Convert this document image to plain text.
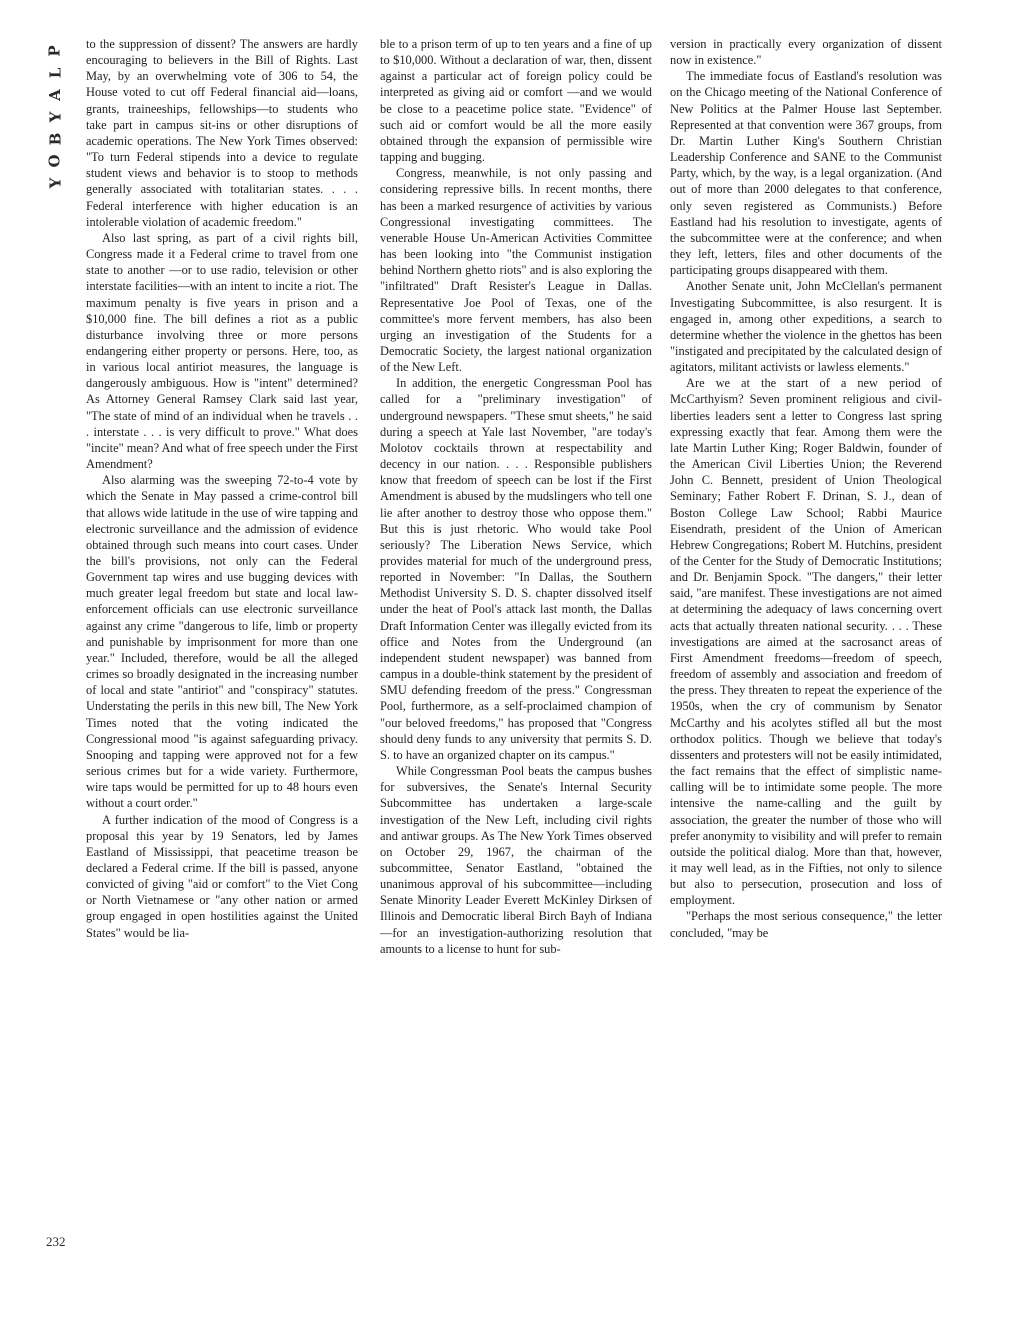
P
L
A
Y
B
O
Y

to the suppression of dissent? The answers are hardly encouraging to believers in the Bill of Rights. Last May, by an overwhelming vote of 306 to 54, the House voted to cut off Federal financial aid—loans, grants, traineeships, fellowships—to students who take part in campus sit-ins or other disruptions of academic operations. The New York Times observed: "To turn Federal stipends into a device to regulate student views and behavior is to stoop to methods generally associated with totalitarian states. . . . Federal interference with higher education is an intolerable violation of academic freedom."

Also last spring, as part of a civil rights bill, Congress made it a Federal crime to travel from one state to another —or to use radio, television or other interstate facilities—with an intent to incite a riot. The maximum penalty is five years in prison and a $10,000 fine. The bill defines a riot as a public disturbance involving three or more persons endangering either property or persons. Here, too, as in various local antiriot measures, the language is dangerously ambiguous. How is "intent" determined? As Attorney General Ramsey Clark said last year, "The state of mind of an individual when he travels . . . interstate . . . is very difficult to prove." What does "incite" mean? And what of free speech under the First Amendment?

Also alarming was the sweeping 72-to-4 vote by which the Senate in May passed a crime-control bill that allows wide latitude in the use of wire tapping and electronic surveillance and the admission of evidence obtained through such means into court cases. Under the bill's provisions, not only can the Federal Government tap wires and use bugging devices with much greater legal freedom but state and local law-enforcement officials can use electronic surveillance against any crime "dangerous to life, limb or property and punishable by imprisonment for more than one year." Included, therefore, would be all the alleged crimes so broadly designated in the increasing number of local and state "antiriot" and "conspiracy" statutes. Understating the perils in this new bill, The New York Times noted that the voting indicated the Congressional mood "is against safeguarding privacy. Snooping and tapping were approved not for a few serious crimes but for a wide variety. Furthermore, wire taps would be permitted for up to 48 hours even without a court order."

A further indication of the mood of Congress is a proposal this year by 19 Senators, led by James Eastland of Mississippi, that peacetime treason be declared a Federal crime. If the bill is passed, anyone convicted of giving "aid or comfort" to the Viet Cong or North Vietnamese or "any other nation or armed group engaged in open hostilities against the United States" would be lia-

ble to a prison term of up to ten years and a fine of up to $10,000. Without a declaration of war, then, dissent against a particular act of foreign policy could be interpreted as giving aid or comfort —and we would be close to a peacetime police state. "Evidence" of such aid or comfort would be all the more easily obtained through the expansion of permissible wire tapping and bugging.

Congress, meanwhile, is not only passing and considering repressive bills. In recent months, there has been a marked resurgence of activities by various Congressional investigating committees. The venerable House Un-American Activities Committee has been looking into "the Communist instigation behind Northern ghetto riots" and is also exploring the "infiltrated" Draft Resister's League in Dallas. Representative Joe Pool of Texas, one of the committee's more fervent members, has also been urging an investigation of the Students for a Democratic Society, the largest national organization of the New Left.

In addition, the energetic Congressman Pool has called for a "preliminary investigation" of underground newspapers. "These smut sheets," he said during a speech at Yale last November, "are today's Molotov cocktails thrown at respectability and decency in our nation. . . . Responsible publishers know that freedom of speech can be lost if the First Amendment is abused by the mudslingers who tell one lie after another to destroy those who oppose them." But this is just rhetoric. Who would take Pool seriously? The Liberation News Service, which provides material for much of the underground press, reported in November: "In Dallas, the Southern Methodist University S. D. S. chapter dissolved itself under the heat of Pool's attack last month, the Dallas Draft Information Center was illegally evicted from its office and Notes from the Underground (an independent student newspaper) was banned from campus in a double-think statement by the president of SMU defending freedom of the press." Congressman Pool, furthermore, as a self-proclaimed champion of "our beloved freedoms," has proposed that "Congress should deny funds to any university that permits S. D. S. to have an organized chapter on its campus."

While Congressman Pool beats the campus bushes for subversives, the Senate's Internal Security Subcommittee has undertaken a large-scale investigation of the New Left, including civil rights and antiwar groups. As The New York Times observed on October 29, 1967, the chairman of the subcommittee, Senator Eastland, "obtained the unanimous approval of his subcommittee—including Senate Minority Leader Everett McKinley Dirksen of Illinois and Democratic liberal Birch Bayh of Indiana—for an investigation-authorizing resolution that amounts to a license to hunt for sub-

version in practically every organization of dissent now in existence."

The immediate focus of Eastland's resolution was on the Chicago meeting of the National Conference of New Politics at the Palmer House last September. Represented at that convention were 367 groups, from Dr. Martin Luther King's Southern Christian Leadership Conference and SANE to the Communist Party, which, by the way, is a legal organization. (And out of more than 2000 delegates to that conference, only seven registered as Communists.) Before Eastland had his resolution to investigate, agents of the subcommittee were at the conference; and when they left, letters, files and other documents of the participating groups disappeared with them.

Another Senate unit, John McClellan's permanent Investigating Subcommittee, is also resurgent. It is engaged in, among other expeditions, a search to determine whether the violence in the ghettos has been "instigated and precipitated by the calculated design of agitators, militant activists or lawless elements."

Are we at the start of a new period of McCarthyism? Seven prominent religious and civil-liberties leaders sent a letter to Congress last spring expressing exactly that fear. Among them were the late Martin Luther King; Roger Baldwin, founder of the American Civil Liberties Union; the Reverend John C. Bennett, president of Union Theological Seminary; Father Robert F. Drinan, S. J., dean of Boston College Law School; Rabbi Maurice Eisendrath, president of the Union of American Hebrew Congregations; Robert M. Hutchins, president of the Center for the Study of Democratic Institutions; and Dr. Benjamin Spock. "The dangers," their letter said, "are manifest. These investigations are not aimed at determining the adequacy of laws concerning overt acts that actually threaten national security. . . . These investigations are aimed at the sacrosanct areas of First Amendment freedoms—freedom of speech, freedom of assembly and association and freedom of the press. They threaten to repeat the experience of the 1950s, when the cry of communism by Senator McCarthy and his acolytes stifled all but the most orthodox politics. Though we believe that today's dissenters and protesters will not be easily intimidated, the fact remains that the effect of simplistic name-calling will be to intimidate some people. The more intensive the name-calling and the guilt by association, the greater the number of those who will prefer anonymity to visibility and will prefer to remain outside the political dialog. More than that, however, it may well lead, as in the Fifties, not only to silence but also to persecution, prosecution and loss of employment.

"Perhaps the most serious consequence," the letter concluded, "may be

232
